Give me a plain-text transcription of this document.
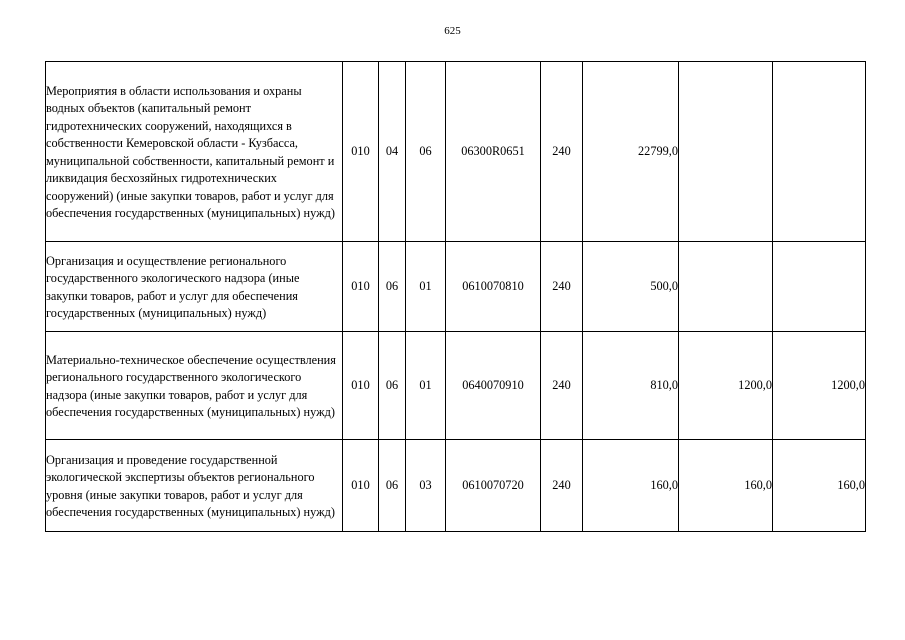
625
Мероприятия в области использования и охраны водных объектов (капитальный ремонт гидротехнических сооружений, находящихся в собственности Кемеровской области - Кузбасса, муниципальной собственности, капитальный ремонт и ликвидация бесхозяйных гидротехнических сооружений) (иные закупки товаров, работ и услуг для обеспечения государственных (муниципальных) нужд)	010	04	06	06300R0651	240	22799,0		

Организация и осуществление регионального государственного экологического надзора (иные закупки товаров, работ и услуг для обеспечения государственных (муниципальных) нужд)	010	06	01	0610070810	240	500,0		

Материально-техническое обеспечение осуществления регионального государственного экологического надзора (иные закупки товаров, работ и услуг для обеспечения государственных (муниципальных) нужд)	010	06	01	0640070910	240	810,0	1200,0	1200,0

Организация и проведение государственной экологической экспертизы объектов регионального уровня (иные закупки товаров, работ и услуг для обеспечения государственных (муниципальных) нужд)	010	06	03	0610070720	240	160,0	160,0	160,0
